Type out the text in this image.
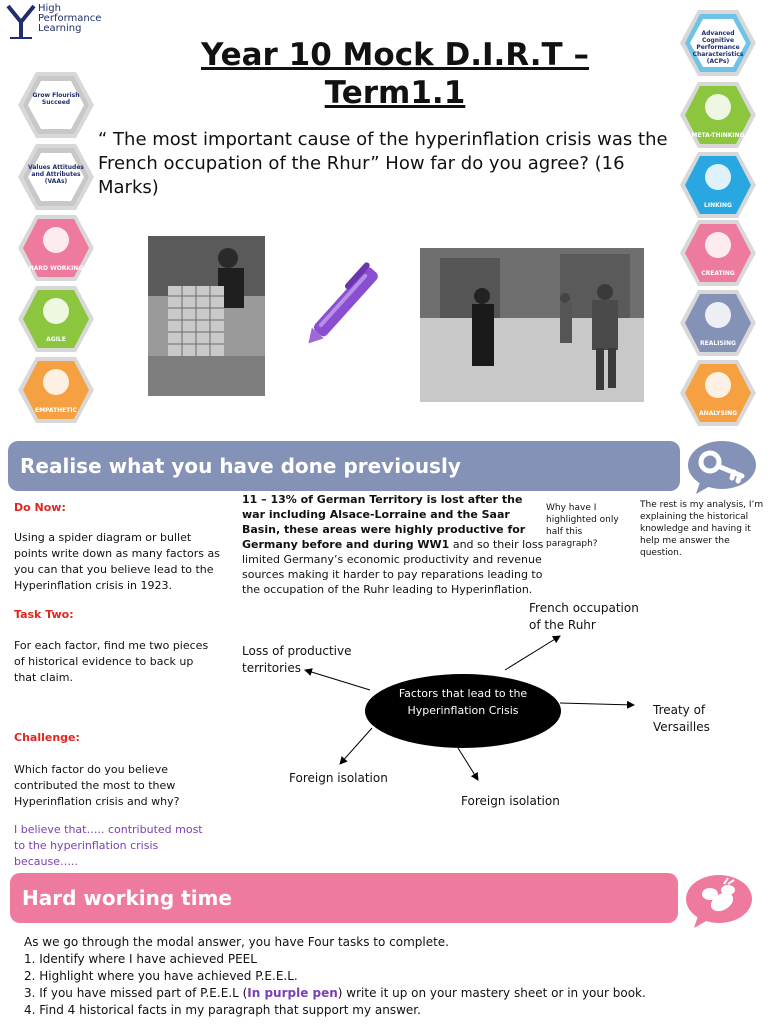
High
Performance
Learning
Year 10 Mock D.I.R.T –
Term1.1
“ The most important cause of the hyperinflation crisis was the French occupation of the Rhur” How far do you agree? (16 Marks)
Grow Flourish Succeed
Values Attitudes and Attributes (VAAs)
HARD WORKING
AGILE
EMPATHETIC
Advanced Cognitive Performance Characteristics (ACPs)
META-THINKING
LINKING
CREATING
REALISING
ANALYSING
Realise what you have done previously
Do Now:
Using a spider diagram or bullet points write down as many factors as you can that you believe lead to the Hyperinflation crisis in 1923.
Task Two:
For each factor, find me two pieces of historical evidence to back up that claim.
Challenge:
Which factor do you believe contributed the most to thew Hyperinflation crisis and why?
I believe that….. contributed most to the hyperinflation crisis because…..
11 – 13% of German Territory is lost after the war including Alsace-Lorraine and the Saar Basin, these areas were highly productive for Germany before and during WW1 and so their loss limited Germany’s economic productivity and revenue sources making it harder to pay reparations leading to the occupation of the Ruhr leading to Hyperinflation.
Why have I highlighted only half this paragraph?
The rest is my analysis, I’m explaining the historical knowledge and having it help me answer the question.
Factors that lead to the Hyperinflation Crisis
French occupation of the Ruhr
Loss of productive territories
Treaty of Versailles
Foreign isolation
Foreign isolation
Hard working time
As we go through the modal answer, you have Four tasks to complete.
1. Identify where I have achieved PEEL
2. Highlight where you have achieved P.E.E.L.
3. If you have missed part of P.E.E.L (In purple pen) write it up on your mastery sheet or in your book.
4. Find 4 historical facts in my paragraph that support my answer.
